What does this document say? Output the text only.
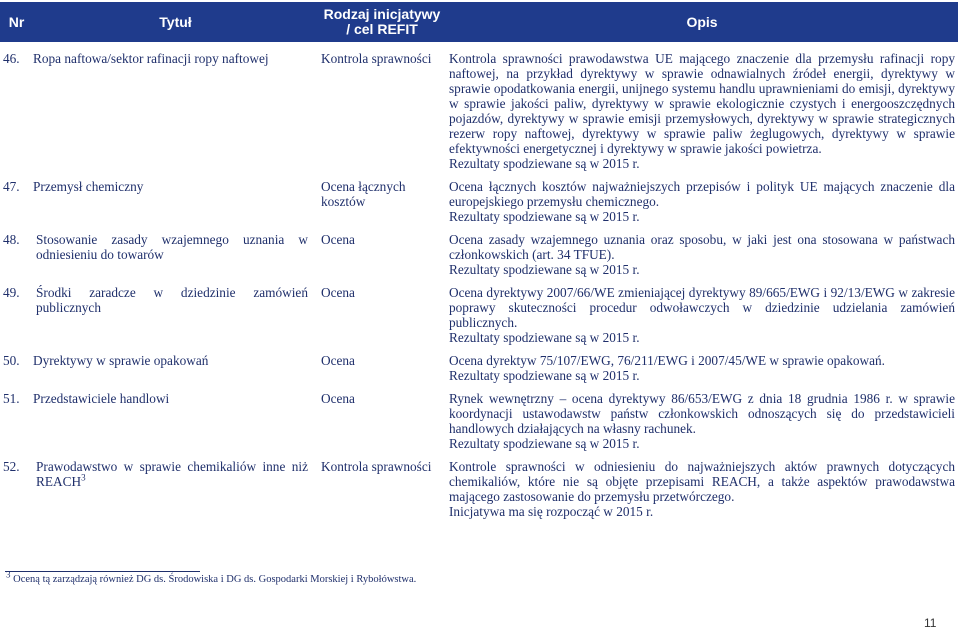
Nr	Tytuł	Rodzaj inicjatywy / cel REFIT	Opis
46. Ropa naftowa/sektor rafinacji ropy naftowej		Kontrola sprawności	Kontrola sprawności prawodawstwa UE mającego znaczenie dla przemysłu rafinacji ropy naftowej, na przykład dyrektywy w sprawie odnawialnych źródeł energii, dyrektywy w sprawie opodatkowania energii, unijnego systemu handlu uprawnieniami do emisji, dyrektywy w sprawie jakości paliw, dyrektywy w sprawie ekologicznie czystych i energooszczędnych pojazdów, dyrektywy w sprawie emisji przemysłowych, dyrektywy w sprawie strategicznych rezerw ropy naftowej, dyrektywy w sprawie paliw żeglugowych, dyrektywy w sprawie efektywności energetycznej i dyrektywy w sprawie jakości powietrza.
Rezultaty spodziewane są w 2015 r.
47. Przemysł chemiczny		Ocena łącznych kosztów	Ocena łącznych kosztów najważniejszych przepisów i polityk UE mających znaczenie dla europejskiego przemysłu chemicznego.
Rezultaty spodziewane są w 2015 r.
48.	Stosowanie zasady wzajemnego uznania w odniesieniu do towarów	Ocena	Ocena zasady wzajemnego uznania oraz sposobu, w jaki jest ona stosowana w państwach członkowskich (art. 34 TFUE).
Rezultaty spodziewane są w 2015 r.
49.	Środki zaradcze w dziedzinie zamówień publicznych	Ocena	Ocena dyrektywy 2007/66/WE zmieniającej dyrektywy 89/665/EWG i 92/13/EWG w zakresie poprawy skuteczności procedur odwoławczych w dziedzinie udzielania zamówień publicznych.
Rezultaty spodziewane są w 2015 r.
50. Dyrektywy w sprawie opakowań		Ocena	Ocena dyrektyw 75/107/EWG, 76/211/EWG i 2007/45/WE w sprawie opakowań.
Rezultaty spodziewane są w 2015 r.
51. Przedstawiciele handlowi		Ocena	Rynek wewnętrzny – ocena dyrektywy 86/653/EWG z dnia 18 grudnia 1986 r. w sprawie koordynacji ustawodawstw państw członkowskich odnoszących się do przedstawicieli handlowych działających na własny rachunek.
Rezultaty spodziewane są w 2015 r.
52.	Prawodawstwo w sprawie chemikaliów inne niż REACH$^3$	Kontrola sprawności	Kontrole sprawności w odniesieniu do najważniejszych aktów prawnych dotyczących chemikaliów, które nie są objęte przepisami REACH, a także aspektów prawodawstwa mającego zastosowanie do przemysłu przetwórczego.
Inicjatywa ma się rozpocząć w 2015 r.
$^3$ Oceną tą zarządzają również DG ds. Środowiska i DG ds. Gospodarki Morskiej i Rybołówstwa.
11
